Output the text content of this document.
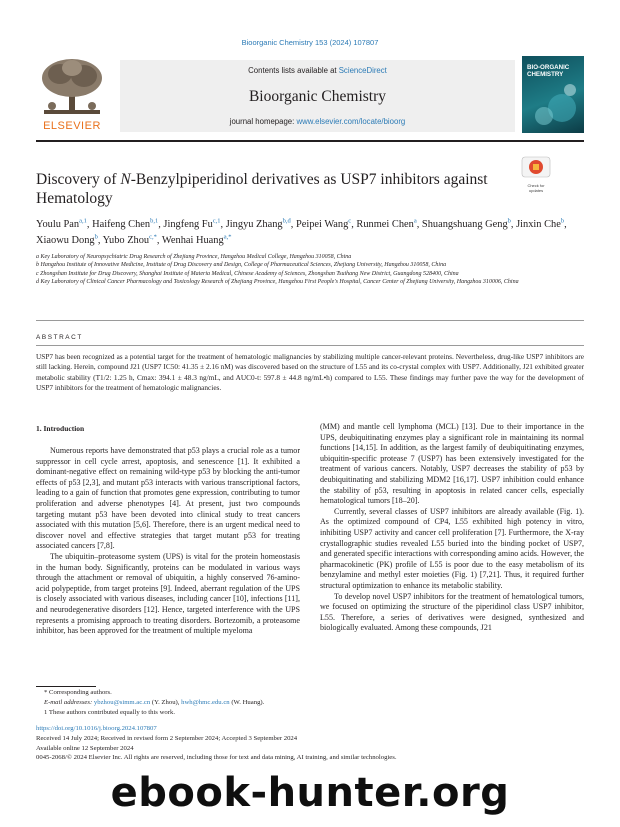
Bioorganic Chemistry 153 (2024) 107807
ELSEVIER
Contents lists available at ScienceDirect
Bioorganic Chemistry
journal homepage: www.elsevier.com/locate/bioorg
BIO-ORGANIC CHEMISTRY
Discovery of N-Benzylpiperidinol derivatives as USP7 inhibitors against Hematology
Check for updates
Youlu Pan$^{a,1}$, Haifeng Chen$^{b,1}$, Jingfeng Fu$^{c,1}$, Jingyu Zhang$^{b,d}$, Peipei Wang$^c$, Runmei Chen$^a$, Shuangshuang Geng$^b$, Jinxin Che$^b$, Xiaowu Dong$^b$, Yubo Zhou$^{c,*}$, Wenhai Huang$^{a,*}$
a Key Laboratory of Neuropsychiatric Drug Research of Zhejiang Province, Hangzhou Medical College, Hangzhou 310058, China
b Hangzhou Institute of Innovative Medicine, Institute of Drug Discovery and Design, College of Pharmaceutical Sciences, Zhejiang University, Hangzhou 310058, China
c Zhongshan Institute for Drug Discovery, Shanghai Institute of Materia Medical, Chinese Academy of Sciences, Zhongshan Tsuihang New District, Guangdong 528400, China
d Key Laboratory of Clinical Cancer Pharmacology and Toxicology Research of Zhejiang Province, Hangzhou First People's Hospital, Cancer Center of Zhejiang University, Hangzhou 310006, China
ABSTRACT
USP7 has been recognized as a potential target for the treatment of hematologic malignancies by stabilizing multiple cancer-relevant proteins. Nevertheless, drug-like USP7 inhibitors are still lacking. Herein, compound J21 (USP7 IC50: 41.35 ± 2.16 nM) was discovered based on the structure of L55 and its co-crystal complex with USP7. Additionally, J21 exhibited greater metabolic stability (T1/2: 1.25 h, Cmax: 394.1 ± 48.3 ng/mL, and AUC0-t: 597.8 ± 44.8 ng/mL•h) compared to L55. These findings may further pave the way for the development of USP7 inhibitors for the treatment of hematologic malignancies.
1. Introduction

Numerous reports have demonstrated that p53 plays a crucial role as a tumor suppressor in cell cycle arrest, apoptosis, and senescence [1]. It exhibited a dominant-negative effect on remaining wild-type p53 by blocking the anti-tumor effects of p53 [2,3], and mutant p53 interacts with various transcriptional factors, leading to a gain of function that promotes gene expression, contributing to tumor proliferation and adverse phenotypes [4]. At present, just two compounds targeting mutant p53 have been devoted into clinical study to treat cancers associated with this mutation [5,6]. Therefore, there is an urgent medical need to discover novel and effective strategies that target mutant p53 for treating associated cancers [7,8].

The ubiquitin–proteasome system (UPS) is vital for the protein homeostasis in the human body. Significantly, proteins can be modulated in various ways through the attachment or removal of ubiquitin, a highly conserved 76-amino-acid polypeptide, from target proteins [9]. Indeed, aberrant regulation of the UPS is closely associated with various diseases, including cancer [10], infections [11], and neurodegenerative disorders [12]. Hence, targeted interference with the UPS represents a promising approach to treating disorders. Bortezomib, a proteasome inhibitor, has been approved for the treatment of multiple myeloma

(MM) and mantle cell lymphoma (MCL) [13]. Due to their importance in the UPS, deubiquitinating enzymes play a significant role in maintaining its normal functions [14,15]. In addition, as the largest family of deubiquitinating enzymes, ubiquitin-specific protease 7 (USP7) has been extensively investigated for the treatment of various cancers. Notably, USP7 decreases the stability of p53 by deubiquitinating and stabilizing MDM2 [16,17]. USP7 inhibition could enhance the stability of p53, resulting in apoptosis in related cancer cells, especially hematological tumors [18–20].

Currently, several classes of USP7 inhibitors are already available (Fig. 1). As the optimized compound of CP4, L55 exhibited high potency in vitro, inhibiting USP7 activity and cancer cell proliferation [7]. Furthermore, the X-ray crystallographic studies revealed L55 buried into the binding pocket of USP7, and generated specific interactions with corresponding amino acids. However, the pharmacokinetic (PK) profile of L55 is poor due to the easy metabolism of its benzylamine and methyl ester moieties (Fig. 1) [7,21]. Thus, it required further structural optimization to enhance its metabolic stability.

To develop novel USP7 inhibitors for the treatment of hematological tumors, we focused on optimizing the structure of the piperidinol class USP7 inhibitor, L55. Therefore, a series of derivatives were designed, synthesized and biologically evaluated. Among these compounds, J21

* Corresponding authors.
E-mail addresses: ybzhou@simm.ac.cn (Y. Zhou), hwh@hmc.edu.cn (W. Huang).
1 These authors contributed equally to this work.
https://doi.org/10.1016/j.bioorg.2024.107807
Received 14 July 2024; Received in revised form 2 September 2024; Accepted 3 September 2024
Available online 12 September 2024
0045-2068/© 2024 Elsevier Inc. All rights are reserved, including those for text and data mining, AI training, and similar technologies.
ebook-hunter.org
